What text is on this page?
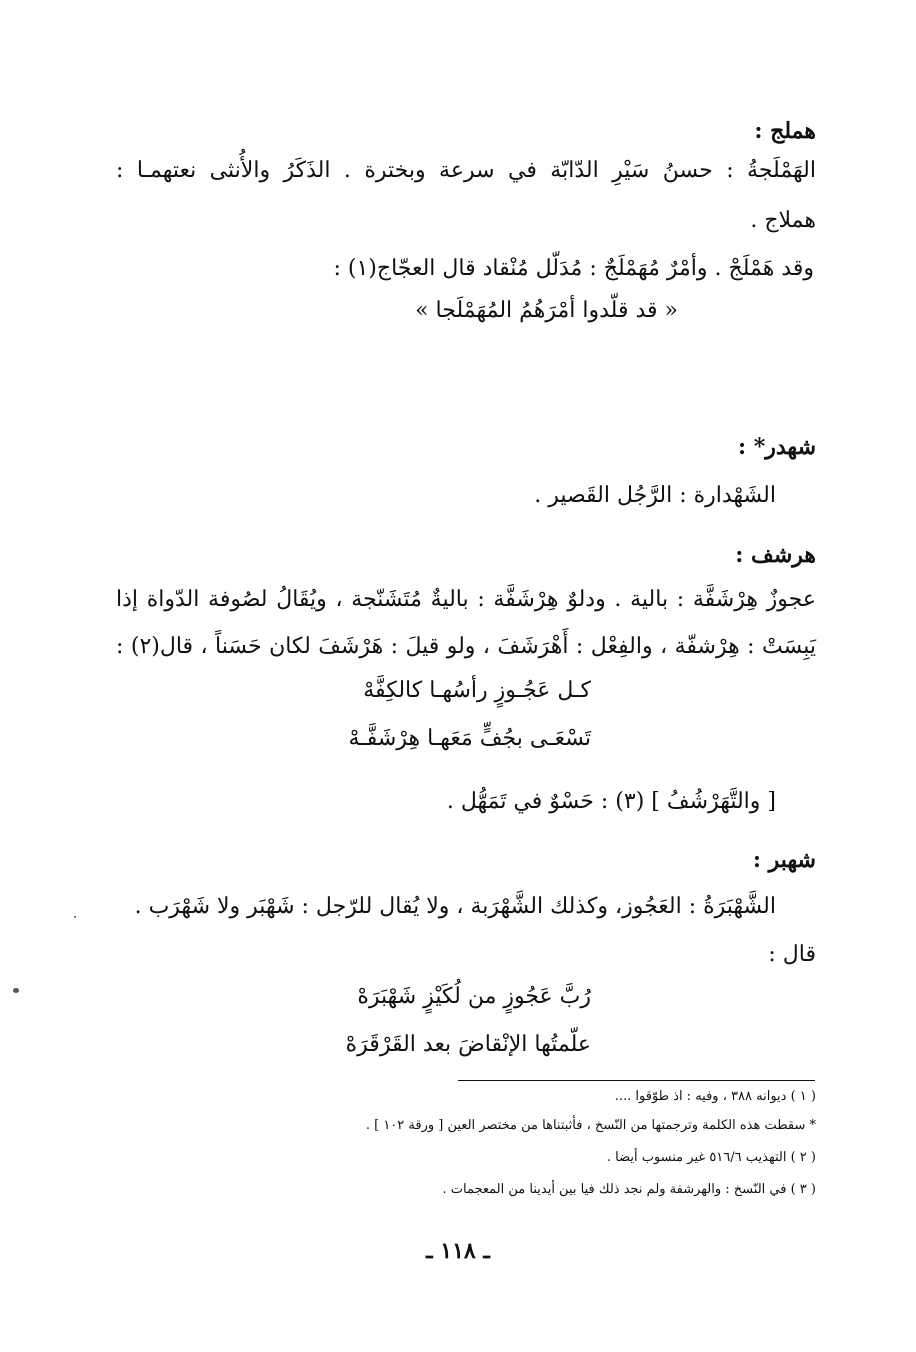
هملج :
الهَمْلَجةُ : حسنُ سَيْرِ الدّابّة في سرعة وبخترة . الذَكَرُ والأُنثى نعتهمـا :
هملاج .
وقد هَمْلَجْ . وأمْرٌ مُهَمْلَجٌ : مُدَلّل مُنْقاد قال العجّاج(١) :
« قد قلّدوا أمْرَهُمُ المُهَمْلَجا »
شهدر* :
الشَهْدارة : الرَّجُل القَصير .
هرشف :
عجوزٌ هِرْشَفَّة : بالية . ودلوٌ هِرْشَفَّة : باليةٌ مُتَشَنّجة ، ويُقَالُ لصُوفة الدّواة إذا
يَبِسَتْ : هِرْشفّة ، والفِعْل : أَهْرَشَفَ ، ولو قيلَ : هَرْشَفَ لكان حَسَناً ، قال(٢) :
كـل عَجُـوزٍ رأسُهـا كالكِفَّهْ
تَسْعَـى بجُفٍّ مَعَهـا هِرْشَفَّـهْ
[ والتَّهَرْشُفُ ] (٣) : حَسْوٌ في تَمَهُّل .
شهبر :
الشَّهْبَرَةُ : العَجُوز، وكذلك الشَّهْرَبة ، ولا يُقال للرّجل : شَهْبَر ولا شَهْرَب .
قال :
رُبَّ عَجُوزٍ من لُكَيْزٍ شَهْبَرَهْ
علّمتُها الإنْقاضَ بعد القَرْقَرَهْ
( ١ ) ديوانه ٣٨٨ ، وفيه : اذ طوّقوا ....
* سقطت هذه الكلمة وترجمتها من النّسخ ، فأثبتناها من مختصر العين [ ورقة ١٠٢ ] .
( ٢ ) التهذيب ٥١٦/٦ غير منسوب أيضا .
( ٣ ) في النّسخ : والهرشفة ولم نجد ذلك فيا بين أيدينا من المعجمات .
ـ ١١٨ ـ
